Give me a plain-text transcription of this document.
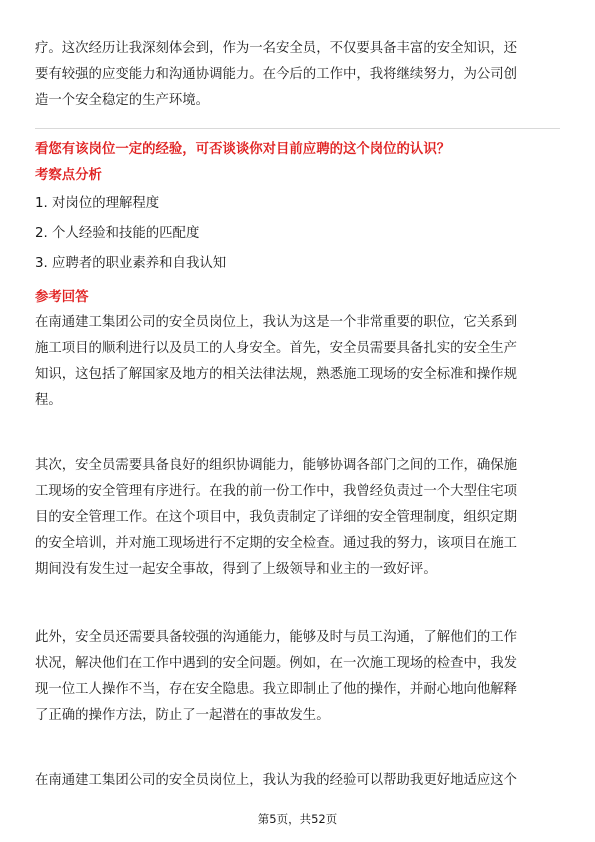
疗。这次经历让我深刻体会到，作为一名安全员，不仅要具备丰富的安全知识，还
要有较强的应变能力和沟通协调能力。在今后的工作中，我将继续努力，为公司创
造一个安全稳定的生产环境。
看您有该岗位一定的经验，可否谈谈你对目前应聘的这个岗位的认识？
考察点分析
1. 对岗位的理解程度
2. 个人经验和技能的匹配度
3. 应聘者的职业素养和自我认知
参考回答
在南通建工集团公司的安全员岗位上，我认为这是一个非常重要的职位，它关系到
施工项目的顺利进行以及员工的人身安全。首先，安全员需要具备扎实的安全生产
知识，这包括了解国家及地方的相关法律法规，熟悉施工现场的安全标准和操作规
程。
其次，安全员需要具备良好的组织协调能力，能够协调各部门之间的工作，确保施
工现场的安全管理有序进行。在我的前一份工作中，我曾经负责过一个大型住宅项
目的安全管理工作。在这个项目中，我负责制定了详细的安全管理制度，组织定期
的安全培训，并对施工现场进行不定期的安全检查。通过我的努力，该项目在施工
期间没有发生过一起安全事故，得到了上级领导和业主的一致好评。
此外，安全员还需要具备较强的沟通能力，能够及时与员工沟通，了解他们的工作
状况，解决他们在工作中遇到的安全问题。例如，在一次施工现场的检查中，我发
现一位工人操作不当，存在安全隐患。我立即制止了他的操作，并耐心地向他解释
了正确的操作方法，防止了一起潜在的事故发生。
在南通建工集团公司的安全员岗位上，我认为我的经验可以帮助我更好地适应这个
第5页，共52页
